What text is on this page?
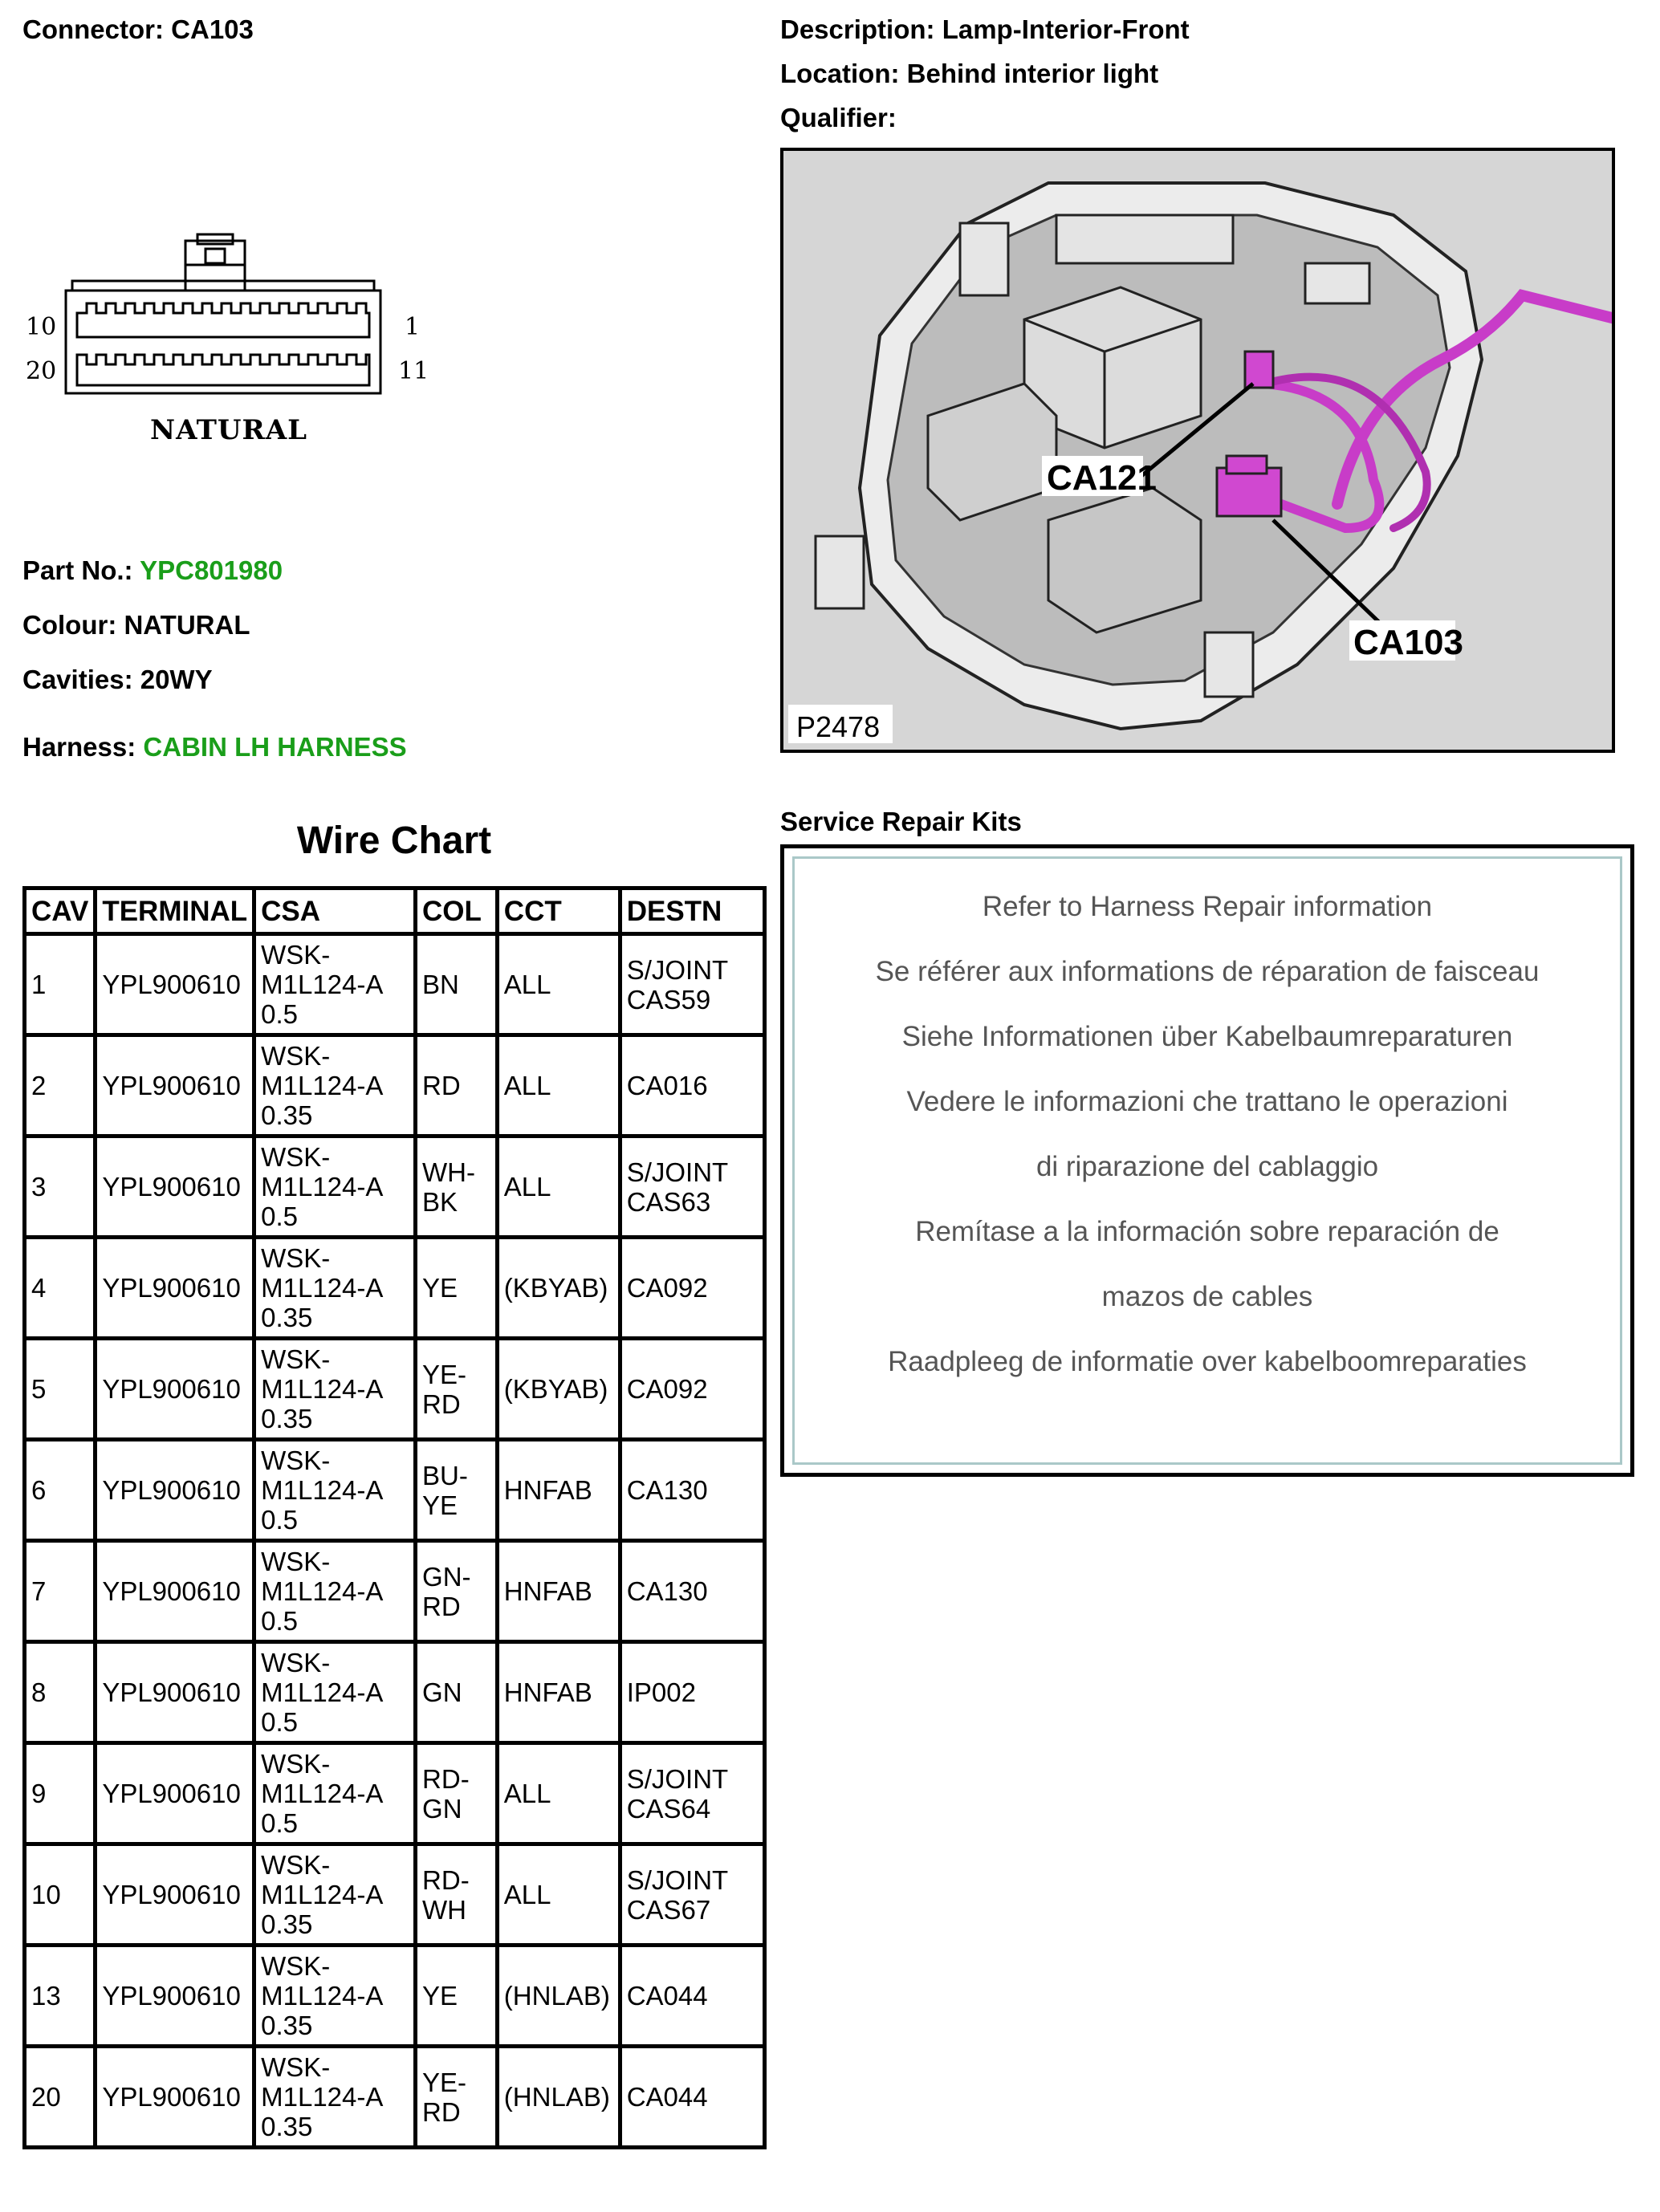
Connector: CA103	Description: Lamp-Interior-Front
Location: Behind interior light
Qualifier:
10	1
20	11
NATURAL
Part No.: YPC801980
Colour: NATURAL
Cavities: 20WY
Harness: CABIN LH HARNESS
CA121
CA103
P2478
Wire Chart
CAV	TERMINAL	CSA	COL	CCT	DESTN

1	YPL900610	WSK-
M1L124-A
0.5	BN	ALL	S/JOINT
CAS59

2	YPL900610	WSK-
M1L124-A
0.35	RD	ALL	CA016

3	YPL900610	WSK-
M1L124-A
0.5	WH-
BK	ALL	S/JOINT
CAS63

4	YPL900610	WSK-
M1L124-A
0.35	YE	(KBYAB)	CA092

5	YPL900610	WSK-
M1L124-A
0.35	YE-
RD	(KBYAB)	CA092

6	YPL900610	WSK-
M1L124-A
0.5	BU-
YE	HNFAB	CA130

7	YPL900610	WSK-
M1L124-A
0.5	GN-
RD	HNFAB	CA130

8	YPL900610	WSK-
M1L124-A
0.5	GN	HNFAB	IP002

9	YPL900610	WSK-
M1L124-A
0.5	RD-
GN	ALL	S/JOINT
CAS64

10	YPL900610	WSK-
M1L124-A
0.35	RD-
WH	ALL	S/JOINT
CAS67

13	YPL900610	WSK-
M1L124-A
0.35	YE	(HNLAB)	CA044

20	YPL900610	WSK-
M1L124-A
0.35	YE-
RD	(HNLAB)	CA044
Service Repair Kits
Refer to Harness Repair information
Se référer aux informations de réparation de faisceau
Siehe Informationen über Kabelbaumreparaturen
Vedere le informazioni che trattano le operazioni
di riparazione del cablaggio
Remítase a la información sobre reparación de
mazos de cables
Raadpleeg de informatie over kabelboomreparaties
